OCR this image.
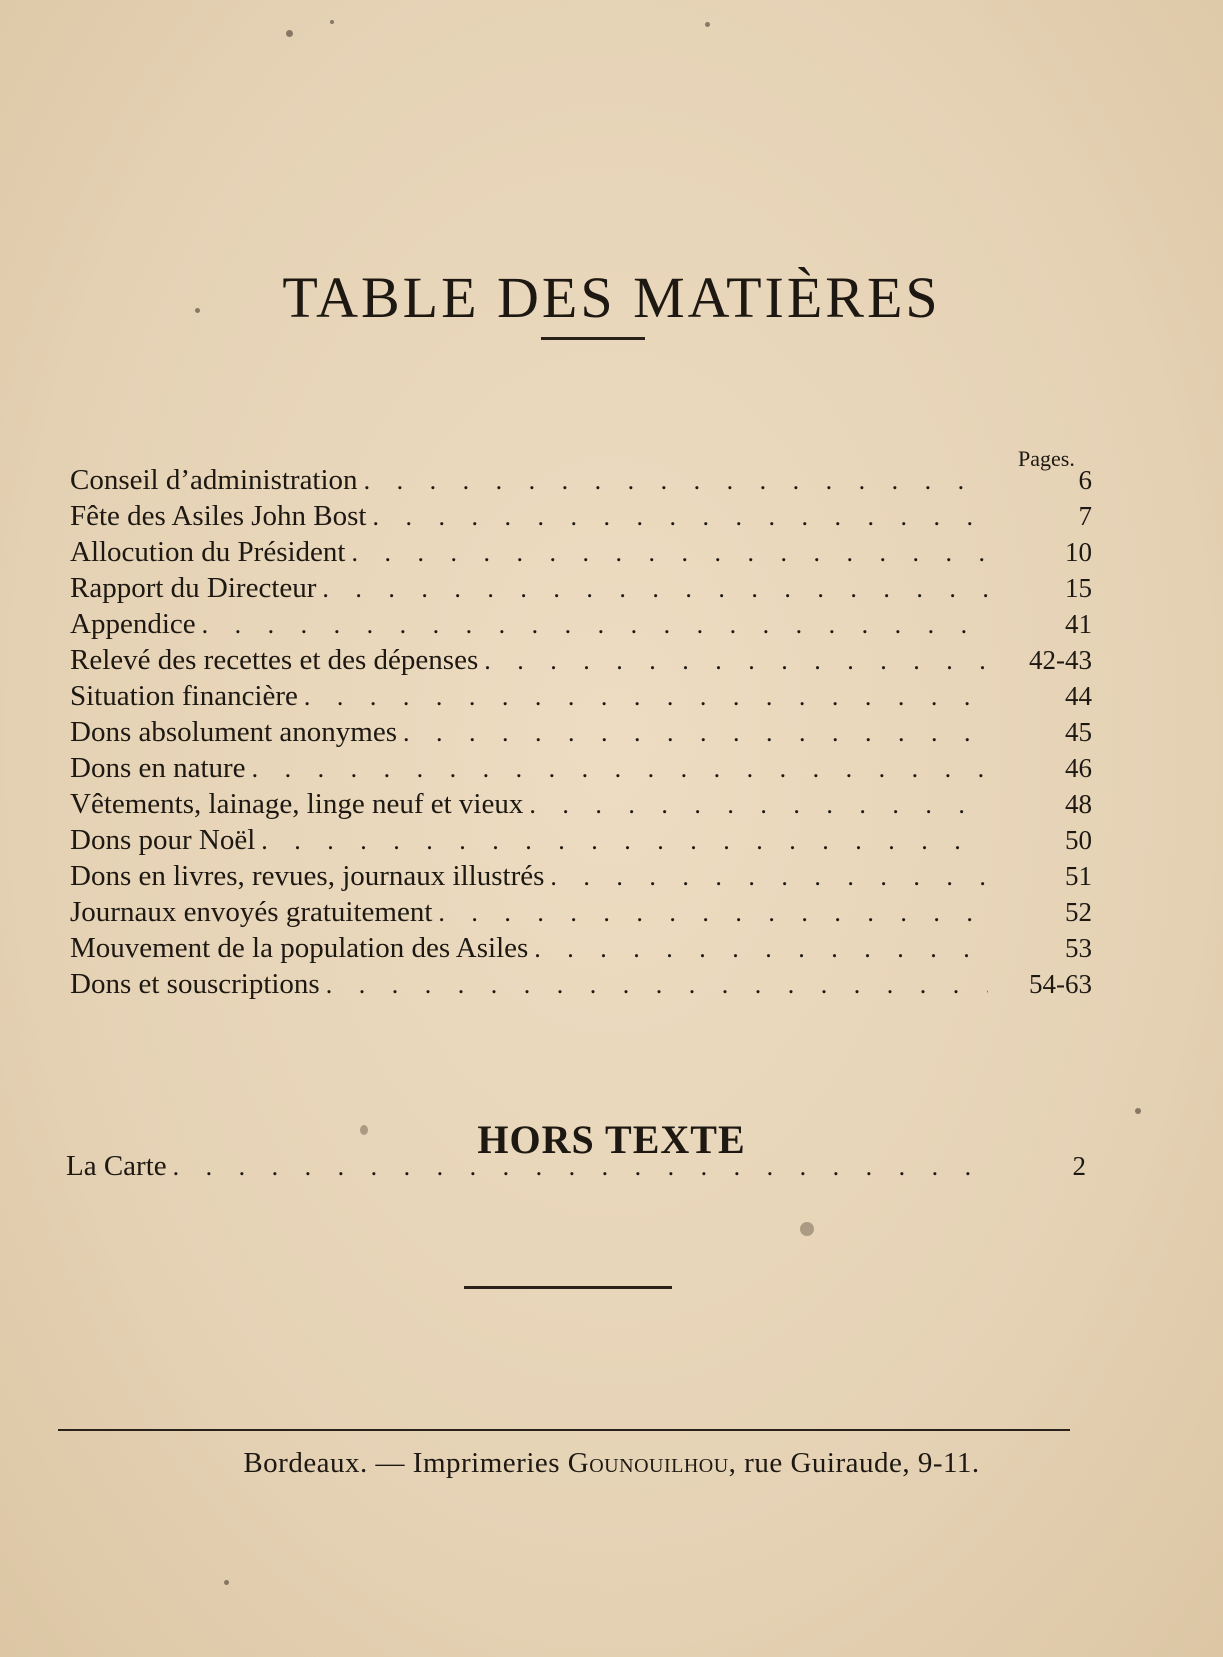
TABLE DES MATIÈRES
Pages.
Conseil d’administration . . .	6
Fête des Asiles John Bost . . .	7
Allocution du Président . . .	10
Rapport du Directeur . . .	15
Appendice . . .	41
Relevé des recettes et des dépenses . . .	42-43
Situation financière . . .	44
Dons absolument anonymes . . .	45
Dons en nature . . .	46
Vêtements, lainage, linge neuf et vieux . . .	48
Dons pour Noël . . .	50
Dons en livres, revues, journaux illustrés . . .	51
Journaux envoyés gratuitement . . .	52
Mouvement de la population des Asiles . . .	53
Dons et souscriptions . . .	54-63
HORS TEXTE
La Carte . . .	2
Bordeaux. — Imprimeries Gounouilhou, rue Guiraude, 9-11.
